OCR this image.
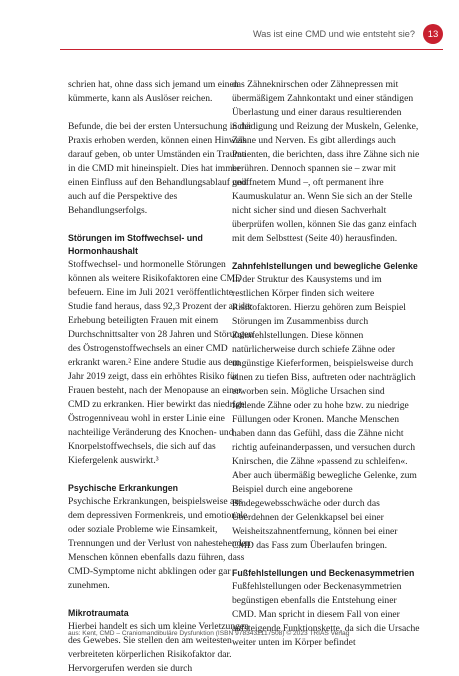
Was ist eine CMD und wie entsteht sie?	13

schrien hat, ohne dass sich jemand um einen kümmerte, kann als Auslöser reichen.

Befunde, die bei der ersten Untersuchung in der Praxis erhoben werden, können einen Hinweis darauf geben, ob unter Umständen ein Trauma in die CMD mit hineinspielt. Dies hat immer einen Einfluss auf den Behandlungsablauf und auch auf die Perspektive des Behandlungserfolgs.

Störungen im Stoffwechsel- und Hormonhaushalt

Stoffwechsel- und hormonelle Störungen können als weitere Risikofaktoren eine CMD befeuern. Eine im Juli 2021 veröffentlichte Studie fand heraus, dass 92,3 Prozent der an der Erhebung beteiligten Frauen mit einem Durchschnittsalter von 28 Jahren und Störungen des Östrogenstoffwechsels an einer CMD erkrankt waren.² Eine andere Studie aus dem Jahr 2019 zeigt, dass ein erhöhtes Risiko für Frauen besteht, nach der Menopause an einer CMD zu erkranken. Hier bewirkt das niedrige Östrogenniveau wohl in erster Linie eine nachteilige Veränderung des Knochen- und Knorpelstoffwechsels, die sich auf das Kiefergelenk auswirkt.³

Psychische Erkrankungen

Psychische Erkrankungen, beispielsweise aus dem depressiven Formenkreis, und emotionale oder soziale Probleme wie Einsamkeit, Trennungen und der Verlust von nahestehenden Menschen können ebenfalls dazu führen, dass CMD-Symptome nicht abklingen oder gar zunehmen.

Mikrotraumata

Hierbei handelt es sich um kleine Verletzungen des Gewebes. Sie stellen den am weitesten verbreiteten körperlichen Risikofaktor dar. Hervorgerufen werden sie durch

das Zähneknirschen oder Zähnepressen mit übermäßigem Zahnkontakt und einer ständigen Überlastung und einer daraus resultierenden Schädigung und Reizung der Muskeln, Gelenke, Zähne und Nerven. Es gibt allerdings auch Patienten, die berichten, dass ihre Zähne sich nie berühren. Dennoch spannen sie – zwar mit geöffnetem Mund –, oft permanent ihre Kaumuskulatur an. Wenn Sie sich an der Stelle nicht sicher sind und diesen Sachverhalt überprüfen wollen, können Sie das ganz einfach mit dem Selbsttest (Seite 40) herausfinden.

Zahnfehlstellungen und bewegliche Gelenke

In der Struktur des Kausystems und im restlichen Körper finden sich weitere Risikofaktoren. Hierzu gehören zum Beispiel Störungen im Zusammenbiss durch Zahnfehlstellungen. Diese können natürlicherweise durch schiefe Zähne oder ungünstige Kieferformen, beispielsweise durch einen zu tiefen Biss, auftreten oder nachträglich erworben sein. Mögliche Ursachen sind fehlende Zähne oder zu hohe bzw. zu niedrige Füllungen oder Kronen. Manche Menschen haben dann das Gefühl, dass die Zähne nicht richtig aufeinanderpassen, und versuchen durch Knirschen, die Zähne »passend zu schleifen«. Aber auch übermäßig bewegliche Gelenke, zum Beispiel durch eine angeborene Bindegewebsschwäche oder durch das Überdehnen der Gelenkkapsel bei einer Weisheitszahnentfernung, können bei einer CMD das Fass zum Überlaufen bringen.

Fußfehlstellungen und Beckenasymmetrien

Fußfehlstellungen oder Beckenasymmetrien begünstigen ebenfalls die Entstehung einer CMD. Man spricht in diesem Fall von einer aufsteigende Funktionskette, da sich die Ursache weiter unten im Körper befindet

aus: Kent, CMD – Craniomandibuläre Dysfunktion (ISBN 9783432117508) © 2023 TRIAS Verlag
